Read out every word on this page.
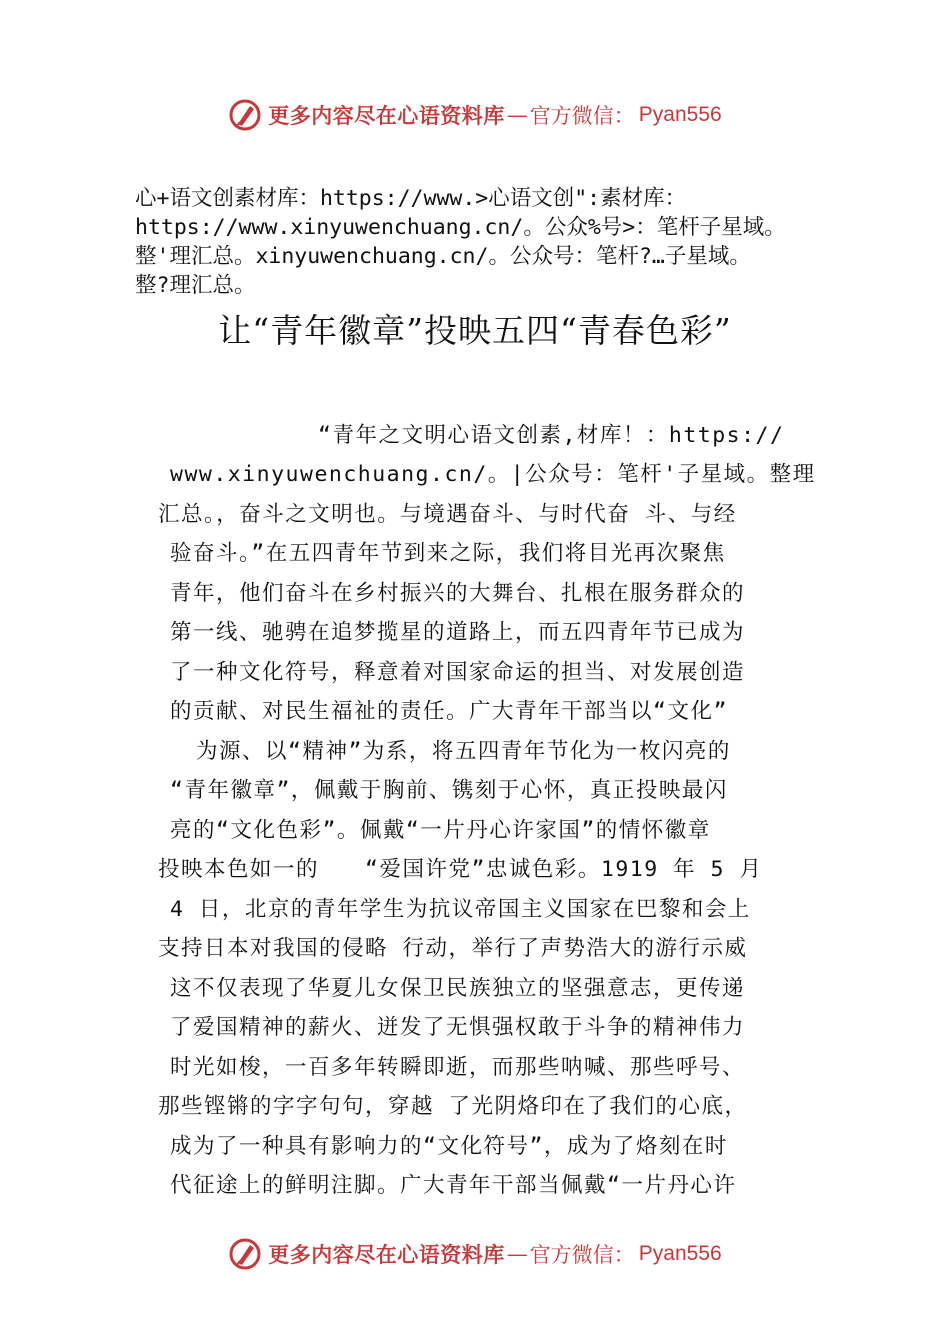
更多内容尽在心语资料库 — 官方微信： Pyan556
心+语文创素材库：https://www.>心语文创":素材库：
https://www.xinyuwenchuang.cn/。公众%号>：笔杆子星域。
整'理汇总。xinyuwenchuang.cn/。公众号：笔杆?…子星域。
整?理汇总。
让“青年徽章”投映五四“青春色彩”
“青年之文明心语文创素,材库！：https://
www.xinyuwenchuang.cn/。|公众号：笔杆'子星域。整理
汇总。，奋斗之文明也。与境遇奋斗、与时代奋 斗、与经
验奋斗。”在五四青年节到来之际，我们将目光再次聚焦
青年，他们奋斗在乡村振兴的大舞台、扎根在服务群众的
第一线、驰骋在追梦揽星的道路上，而五四青年节已成为
了一种文化符号，释意着对国家命运的担当、对发展创造
的贡献、对民生福祉的责任。广大青年干部当以“文化”
为源、以“精神”为系，将五四青年节化为一枚闪亮的
“青年徽章”，佩戴于胸前、镌刻于心怀，真正投映最闪
亮的“文化色彩”。佩戴“一片丹心许家国”的情怀徽章
投映本色如一的　　“爱国许党”忠诚色彩。1919 年 5 月
4 日，北京的青年学生为抗议帝国主义国家在巴黎和会上
支持日本对我国的侵略 行动，举行了声势浩大的游行示威
这不仅表现了华夏儿女保卫民族独立的坚强意志，更传递
了爱国精神的薪火、迸发了无惧强权敢于斗争的精神伟力
时光如梭，一百多年转瞬即逝，而那些呐喊、那些呼号、
那些铿锵的字字句句，穿越 了光阴烙印在了我们的心底，
成为了一种具有影响力的“文化符号”，成为了烙刻在时
代征途上的鲜明注脚。广大青年干部当佩戴“一片丹心许
更多内容尽在心语资料库 — 官方微信： Pyan556
